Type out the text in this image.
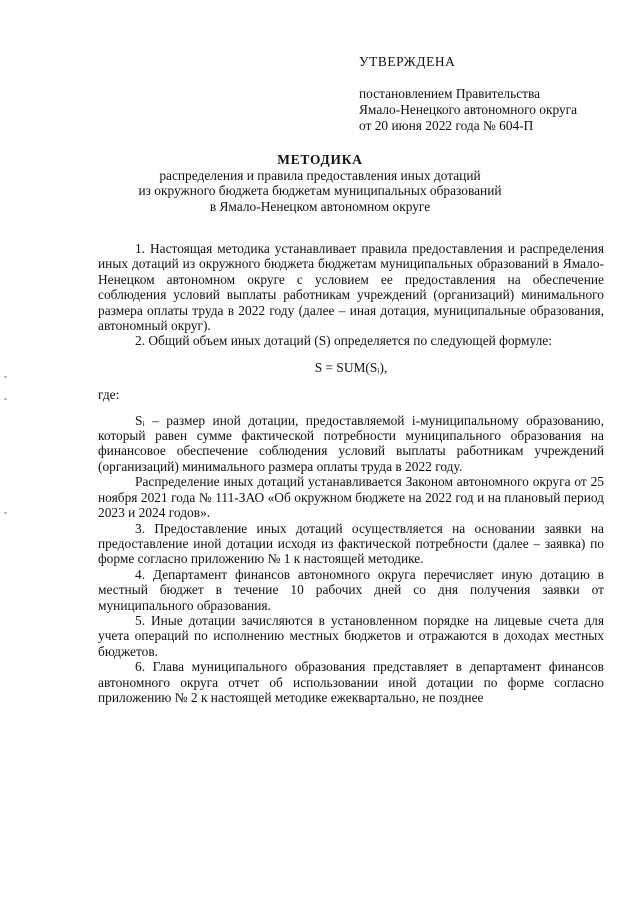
УТВЕРЖДЕНА
постановлением Правительства
Ямало-Ненецкого автономного округа
от 20 июня 2022 года № 604-П
МЕТОДИКА
распределения и правила предоставления иных дотаций
из окружного бюджета бюджетам муниципальных образований
в Ямало-Ненецком автономном округе

1. Настоящая методика устанавливает правила предоставления и распределения иных дотаций из окружного бюджета бюджетам муниципальных образований в Ямало-Ненецком автономном округе с условием ее предоставления на обеспечение соблюдения условий выплаты работникам учреждений (организаций) минимального размера оплаты труда в 2022 году (далее – иная дотация, муниципальные образования, автономный округ).

2. Общий объем иных дотаций (S) определяется по следующей формуле:

S = SUM(Sᵢ),

где:

Sᵢ – размер иной дотации, предоставляемой i-муниципальному образованию, который равен сумме фактической потребности муниципального образования на финансовое обеспечение соблюдения условий выплаты работникам учреждений (организаций) минимального размера оплаты труда в 2022 году.

Распределение иных дотаций устанавливается Законом автономного округа от 25 ноября 2021 года № 111-ЗАО «Об окружном бюджете на 2022 год и на плановый период 2023 и 2024 годов».

3. Предоставление иных дотаций осуществляется на основании заявки на предоставление иной дотации исходя из фактической потребности (далее – заявка) по форме согласно приложению № 1 к настоящей методике.

4. Департамент финансов автономного округа перечисляет иную дотацию в местный бюджет в течение 10 рабочих дней со дня получения заявки от муниципального образования.

5. Иные дотации зачисляются в установленном порядке на лицевые счета для учета операций по исполнению местных бюджетов и отражаются в доходах местных бюджетов.

6. Глава муниципального образования представляет в департамент финансов автономного округа отчет об использовании иной дотации по форме согласно приложению № 2 к настоящей методике ежеквартально, не позднее
